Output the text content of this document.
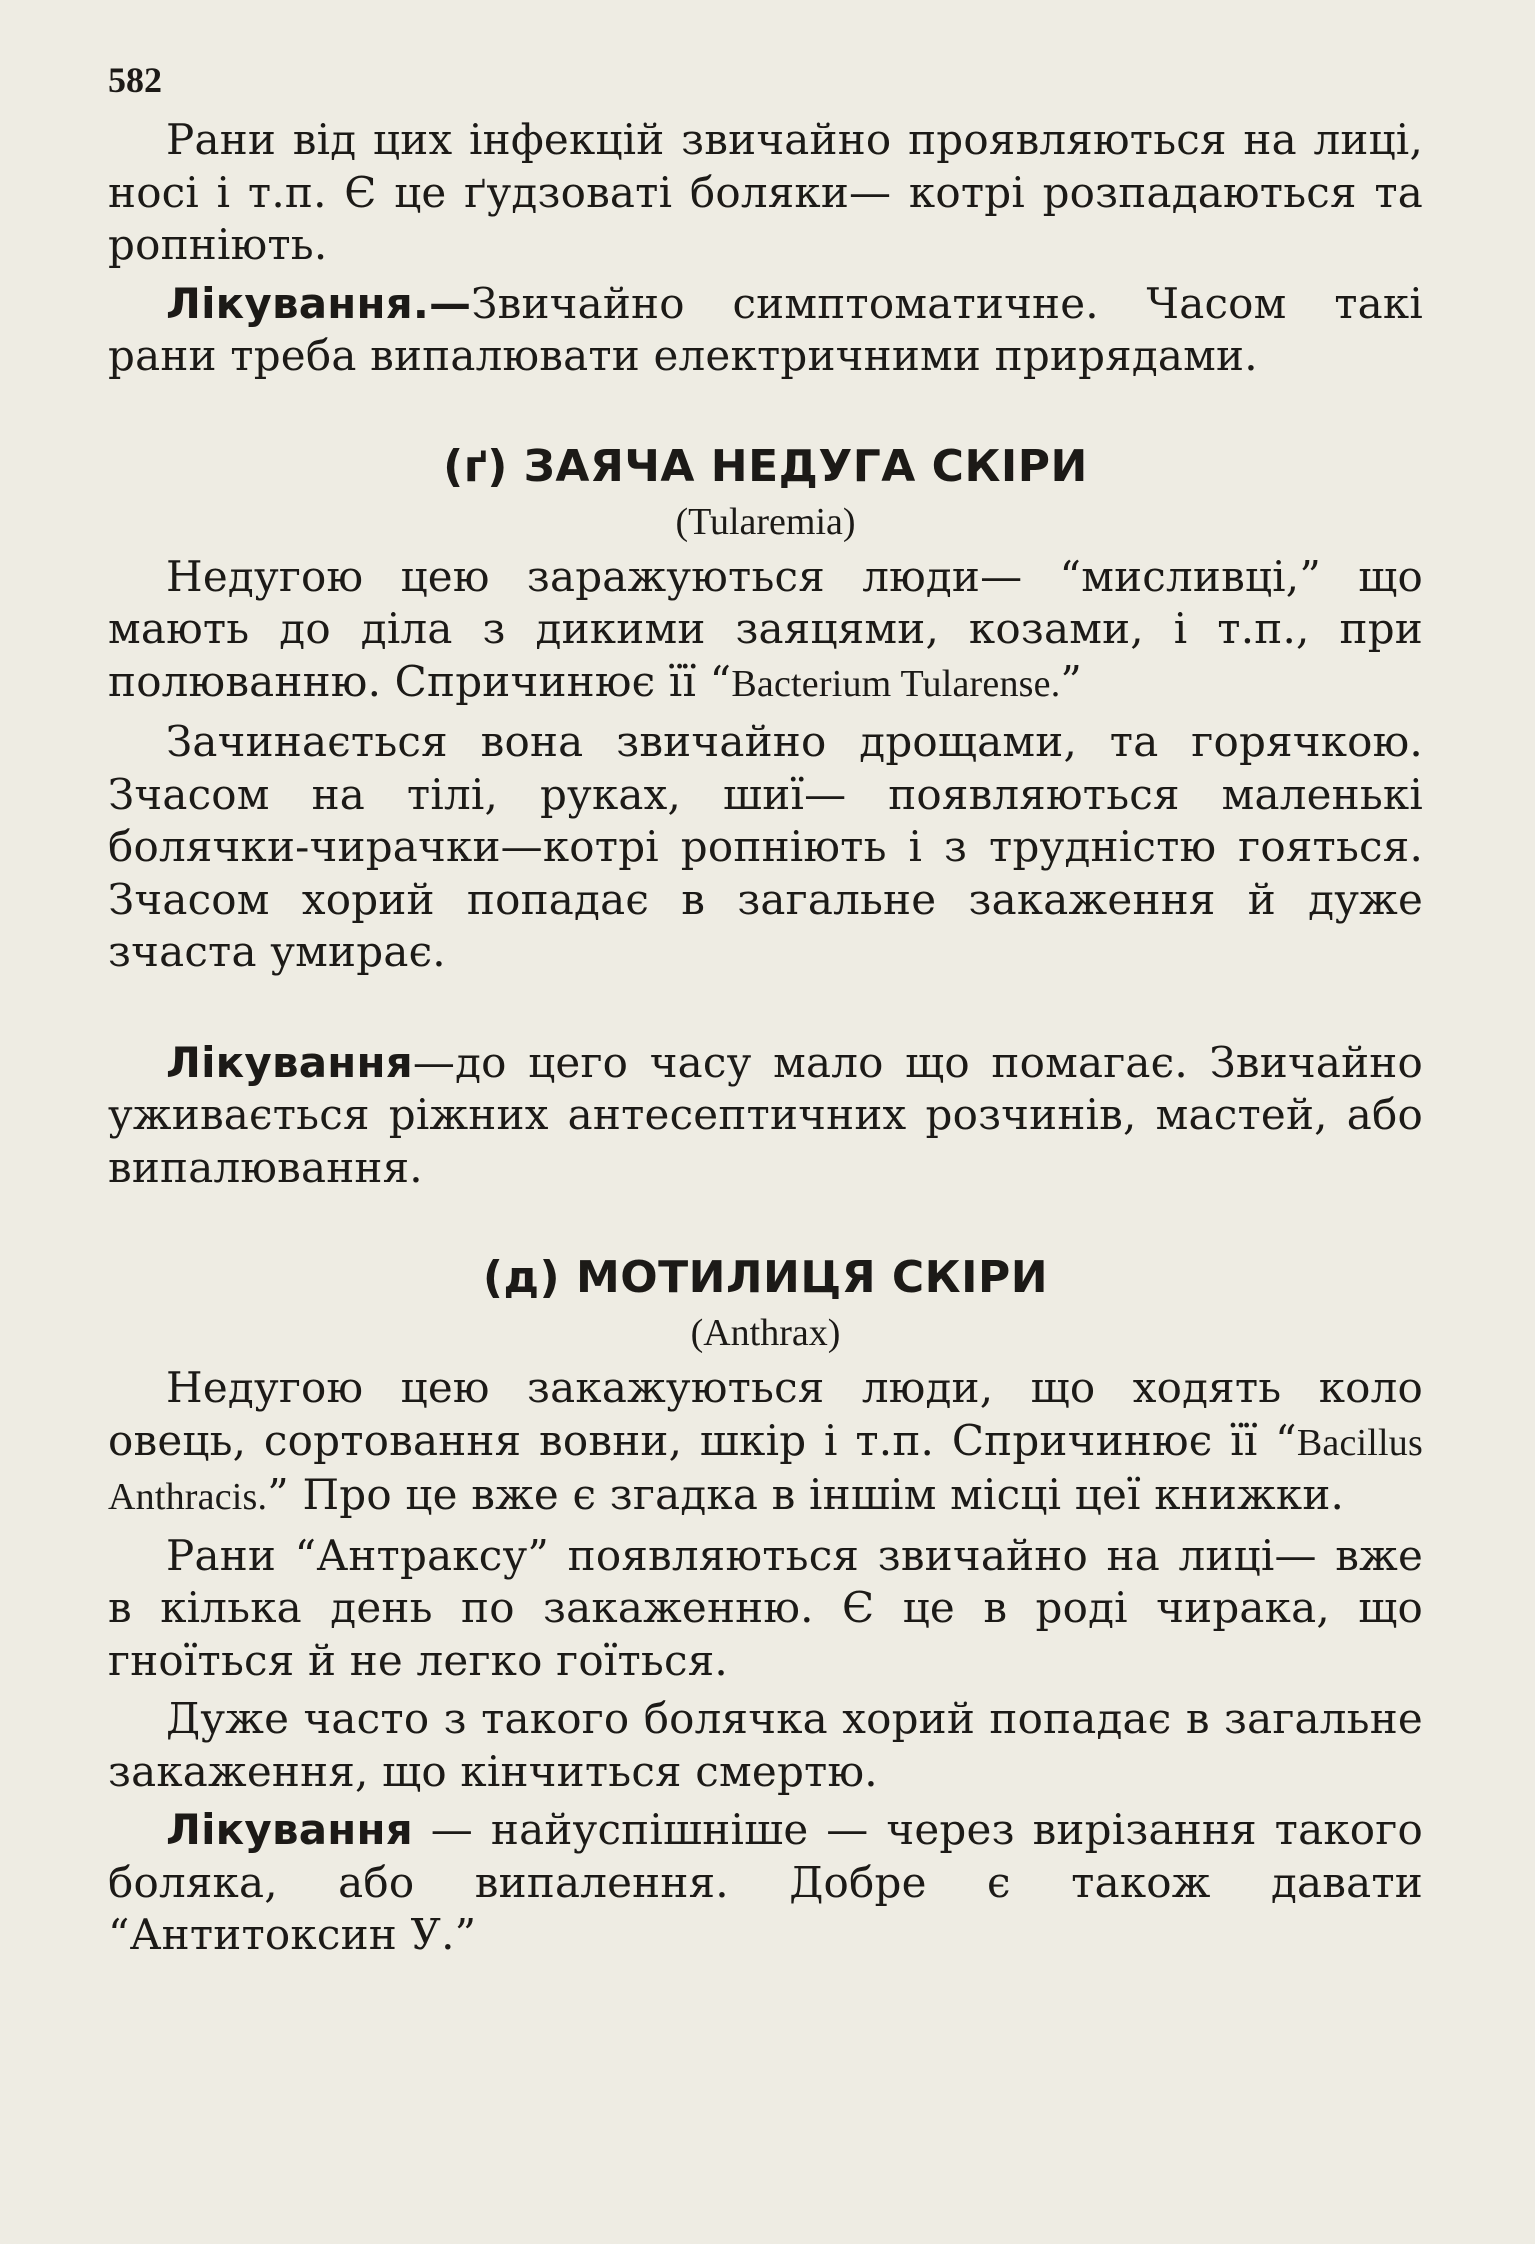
582

Рани від цих інфекцій звичайно проявляються на лиці, носі і т.п. Є це ґудзоваті боляки— котрі розпадаються та ропніють.

Лікування.—Звичайно симптоматичне. Часом такі рани треба випалювати електричними прирядами.

(ґ) ЗАЯЧА НЕДУГА СКІРИ
(Tularemia)

Недугою цею заражуються люди— “мисливці,” що мають до діла з дикими заяцями, козами, і т.п., при полюванню. Спричинює її “Bacterium Tularense.”

Зачинається вона звичайно дрощами, та горячкою. Зчасом на тілі, руках, шиї— появляються маленькі болячки-чирачки—котрі ропніють і з трудністю гояться. Зчасом хорий попадає в загальне закаження й дуже зчаста умирає.

Лікування—до цего часу мало що помагає. Звичайно уживається ріжних антесептичних розчинів, мастей, або випалювання.

(д) МОТИЛИЦЯ СКІРИ
(Anthrax)

Недугою цею закажуються люди, що ходять коло овець, сортовання вовни, шкір і т.п. Спричинює її “Bacillus Anthracis.” Про це вже є згадка в іншім місці цеї книжки.

Рани “Антраксу” появляються звичайно на лиці— вже в кілька день по закаженню. Є це в роді чирака, що гноїться й не легко гоїться.

Дуже часто з такого болячка хорий попадає в загальне закаження, що кінчиться смертю.

Лікування — найуспішніше — через вирізання такого боляка, або випалення. Добре є також давати “Антитоксин У.”
